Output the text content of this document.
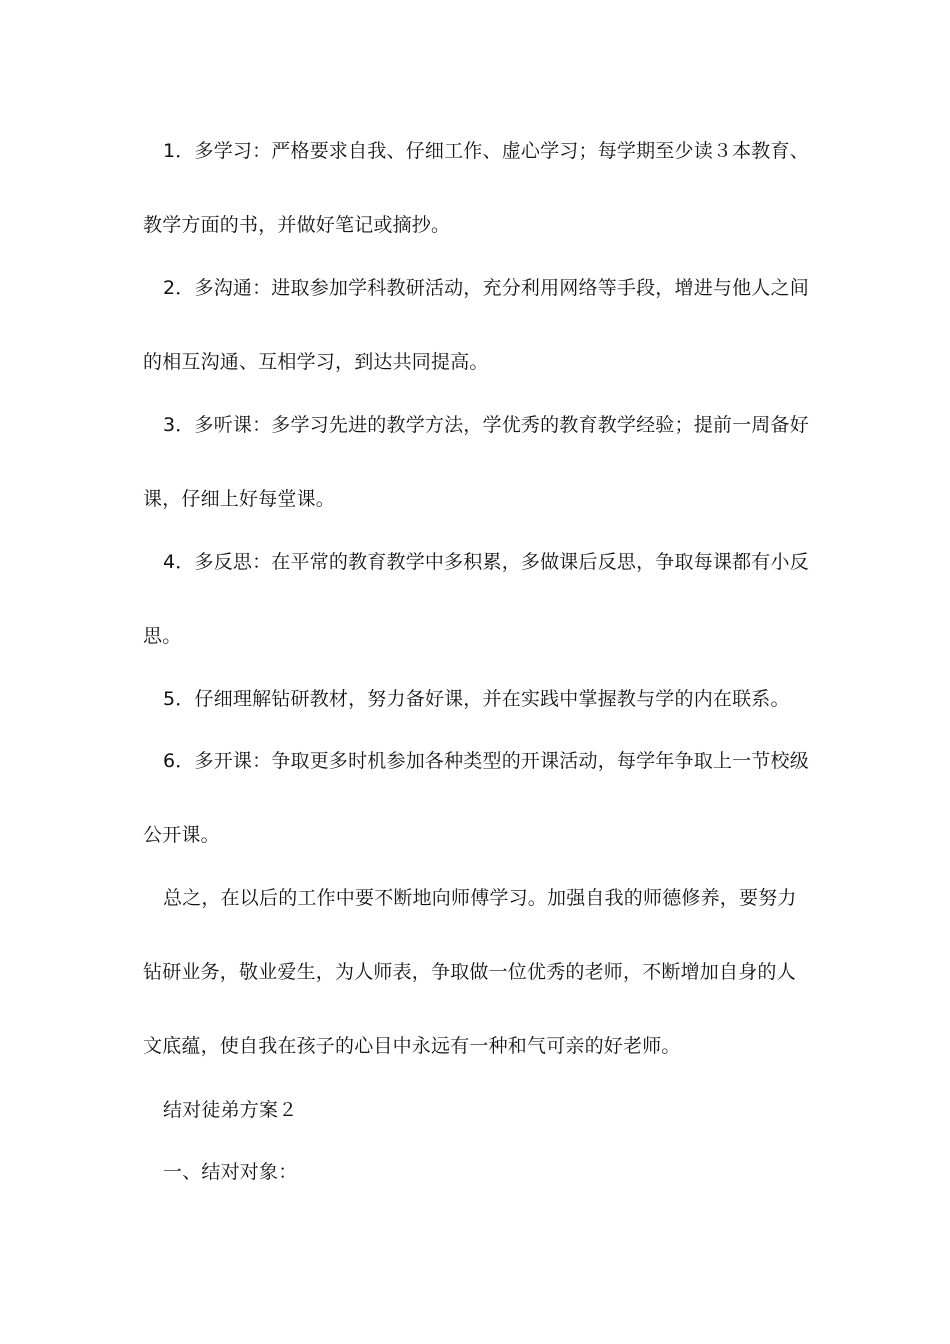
1．多学习：严格要求自我、仔细工作、虚心学习；每学期至少读３本教育、
教学方面的书，并做好笔记或摘抄。
2．多沟通：进取参加学科教研活动，充分利用网络等手段，增进与他人之间
的相互沟通、互相学习，到达共同提高。
3．多听课：多学习先进的教学方法，学优秀的教育教学经验；提前一周备好
课，仔细上好每堂课。
4．多反思：在平常的教育教学中多积累，多做课后反思，争取每课都有小反
思。
5．仔细理解钻研教材，努力备好课，并在实践中掌握教与学的内在联系。
6．多开课：争取更多时机参加各种类型的开课活动，每学年争取上一节校级
公开课。
总之，在以后的工作中要不断地向师傅学习。加强自我的师德修养，要努力
钻研业务，敬业爱生，为人师表，争取做一位优秀的老师，不断增加自身的人
文底蕴，使自我在孩子的心目中永远有一种和气可亲的好老师。
结对徒弟方案２
一、结对对象：
